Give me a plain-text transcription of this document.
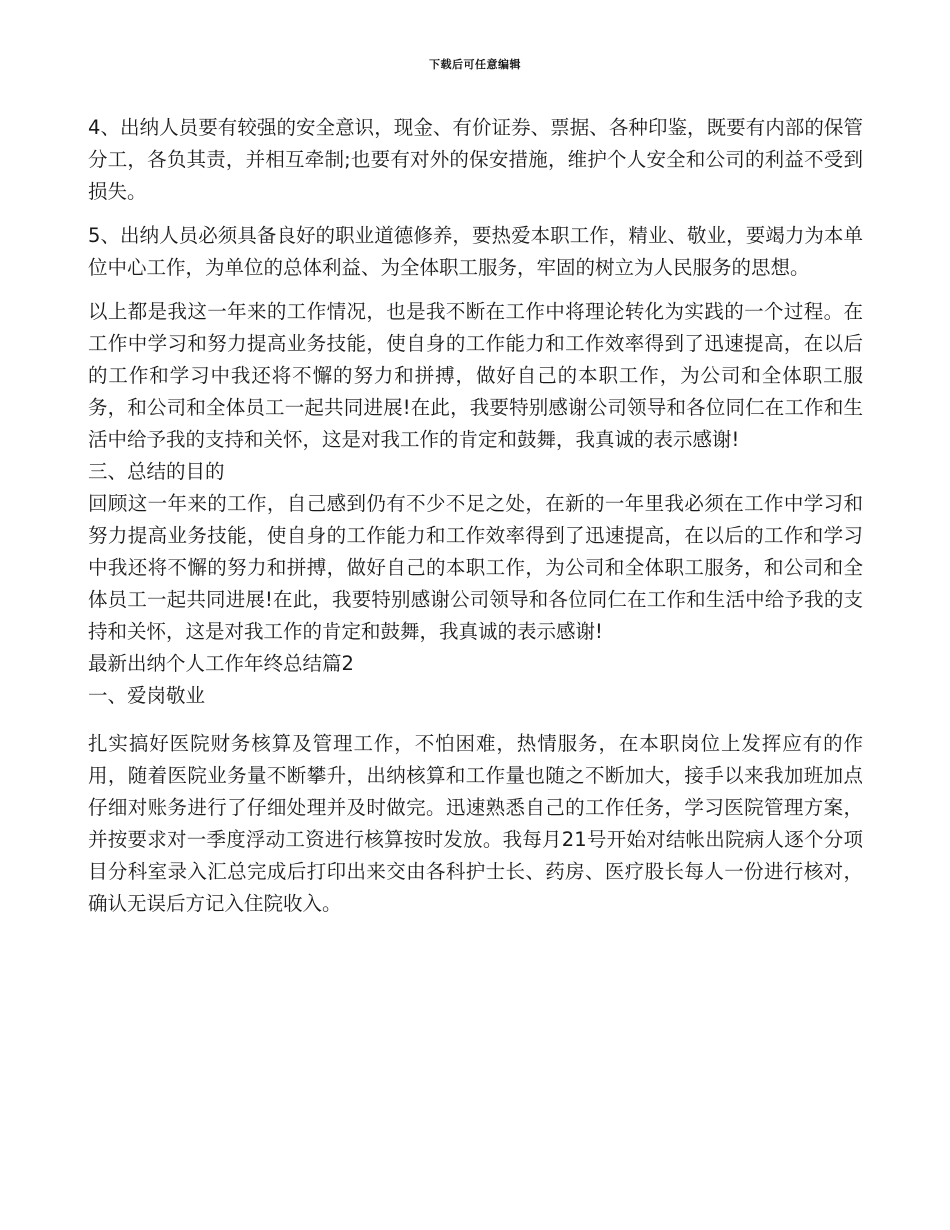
下载后可任意编辑

4、出纳人员要有较强的安全意识，现金、有价证券、票据、各种印鉴，既要有内部的保管分工，各负其责，并相互牵制;也要有对外的保安措施，维护个人安全和公司的利益不受到损失。

5、出纳人员必须具备良好的职业道德修养，要热爱本职工作，精业、敬业，要竭力为本单位中心工作，为单位的总体利益、为全体职工服务，牢固的树立为人民服务的思想。

以上都是我这一年来的工作情况，也是我不断在工作中将理论转化为实践的一个过程。在工作中学习和努力提高业务技能，使自身的工作能力和工作效率得到了迅速提高，在以后的工作和学习中我还将不懈的努力和拼搏，做好自己的本职工作，为公司和全体职工服务，和公司和全体员工一起共同进展!在此，我要特别感谢公司领导和各位同仁在工作和生活中给予我的支持和关怀，这是对我工作的肯定和鼓舞，我真诚的表示感谢!

三、总结的目的

回顾这一年来的工作，自己感到仍有不少不足之处，在新的一年里我必须在工作中学习和努力提高业务技能，使自身的工作能力和工作效率得到了迅速提高，在以后的工作和学习中我还将不懈的努力和拼搏，做好自己的本职工作，为公司和全体职工服务，和公司和全体员工一起共同进展!在此，我要特别感谢公司领导和各位同仁在工作和生活中给予我的支持和关怀，这是对我工作的肯定和鼓舞，我真诚的表示感谢!

最新出纳个人工作年终总结篇2

一、爱岗敬业

扎实搞好医院财务核算及管理工作，不怕困难，热情服务，在本职岗位上发挥应有的作用，随着医院业务量不断攀升，出纳核算和工作量也随之不断加大，接手以来我加班加点仔细对账务进行了仔细处理并及时做完。迅速熟悉自己的工作任务，学习医院管理方案，并按要求对一季度浮动工资进行核算按时发放。我每月21号开始对结帐出院病人逐个分项目分科室录入汇总完成后打印出来交由各科护士长、药房、医疗股长每人一份进行核对，确认无误后方记入住院收入。
